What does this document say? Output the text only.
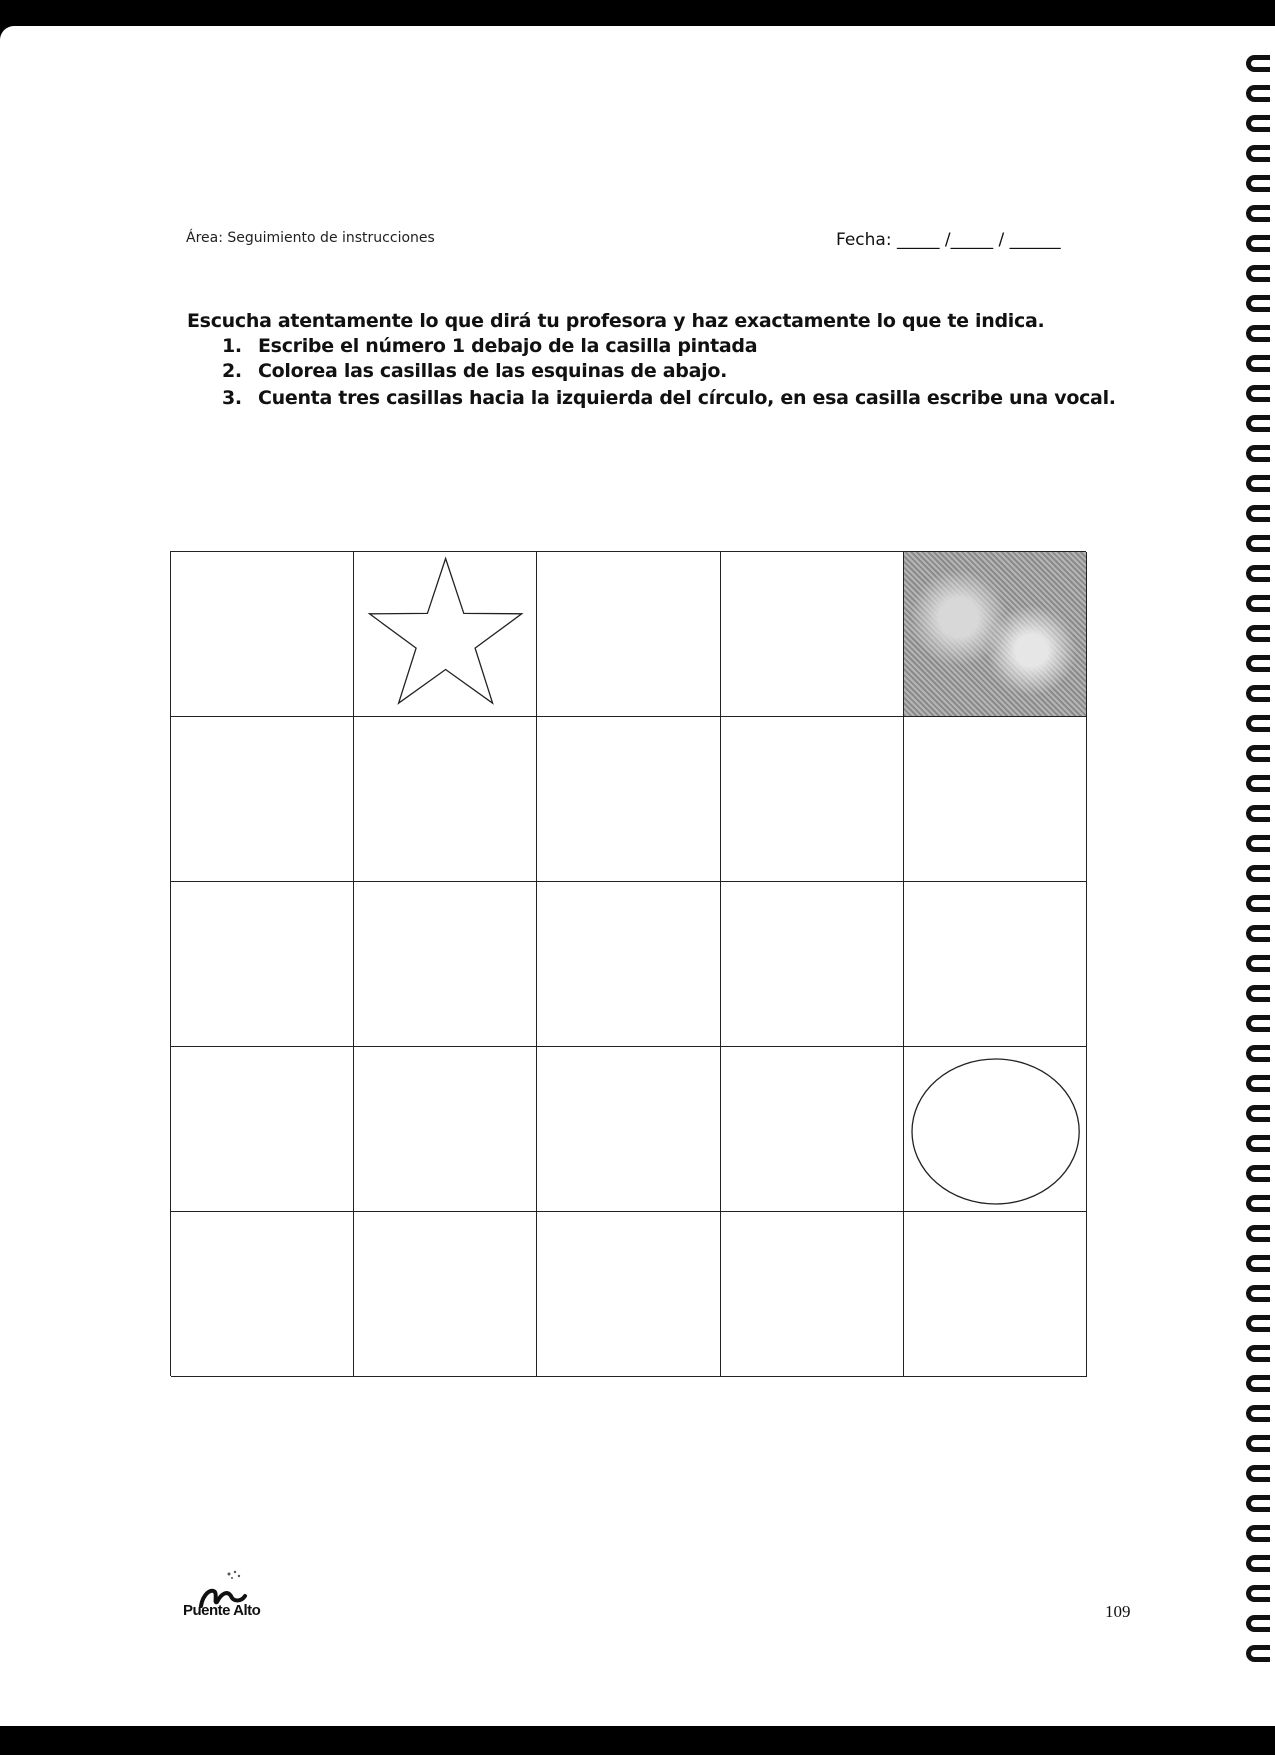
Área: Seguimiento de instrucciones	Fecha: _____ /_____ / ______
Escucha atentamente lo que dirá tu profesora y haz exactamente lo que te indica.
1. Escribe el número 1 debajo de la casilla pintada
2. Colorea las casillas de las esquinas de abajo.
3. Cuenta tres casillas hacia la izquierda del círculo, en esa casilla escribe una vocal.
Puente Alto	109
